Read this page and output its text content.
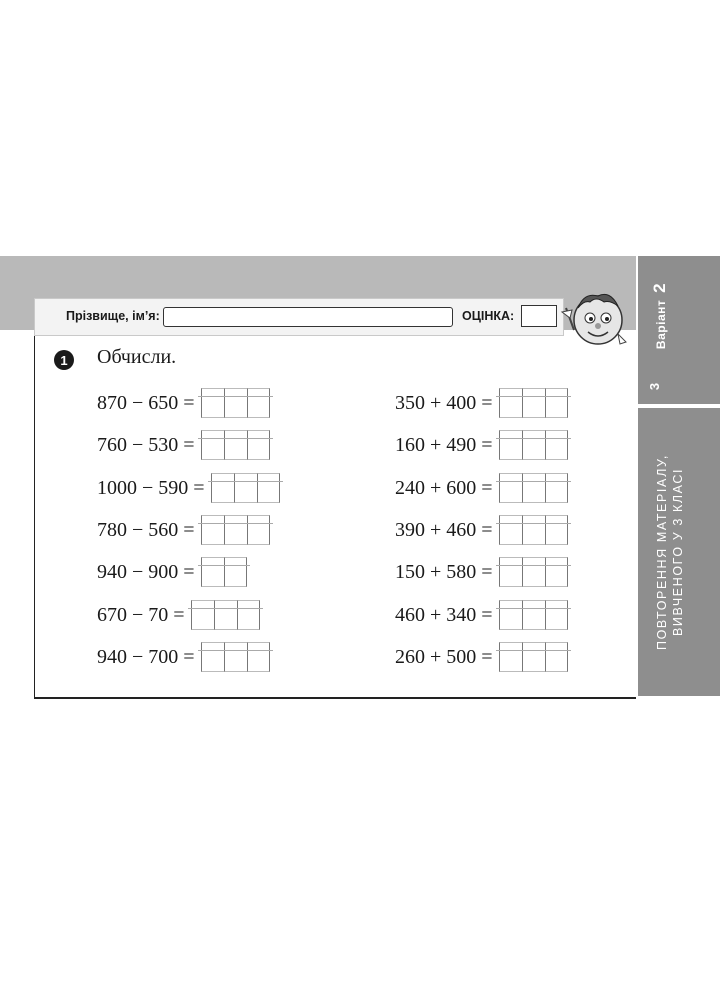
Варіант 2
3
ПОВТОРЕННЯ МАТЕРІАЛУ, ВИВЧЕНОГО У 3 КЛАСІ
Прізвище, ім’я:	ОЦІНКА:
1	Обчисли.
870 − 650 =
760 − 530 =
1000 − 590 =
780 − 560 =
940 − 900 =
670 − 70 =
940 − 700 =
350 + 400 =
160 + 490 =
240 + 600 =
390 + 460 =
150 + 580 =
460 + 340 =
260 + 500 =
